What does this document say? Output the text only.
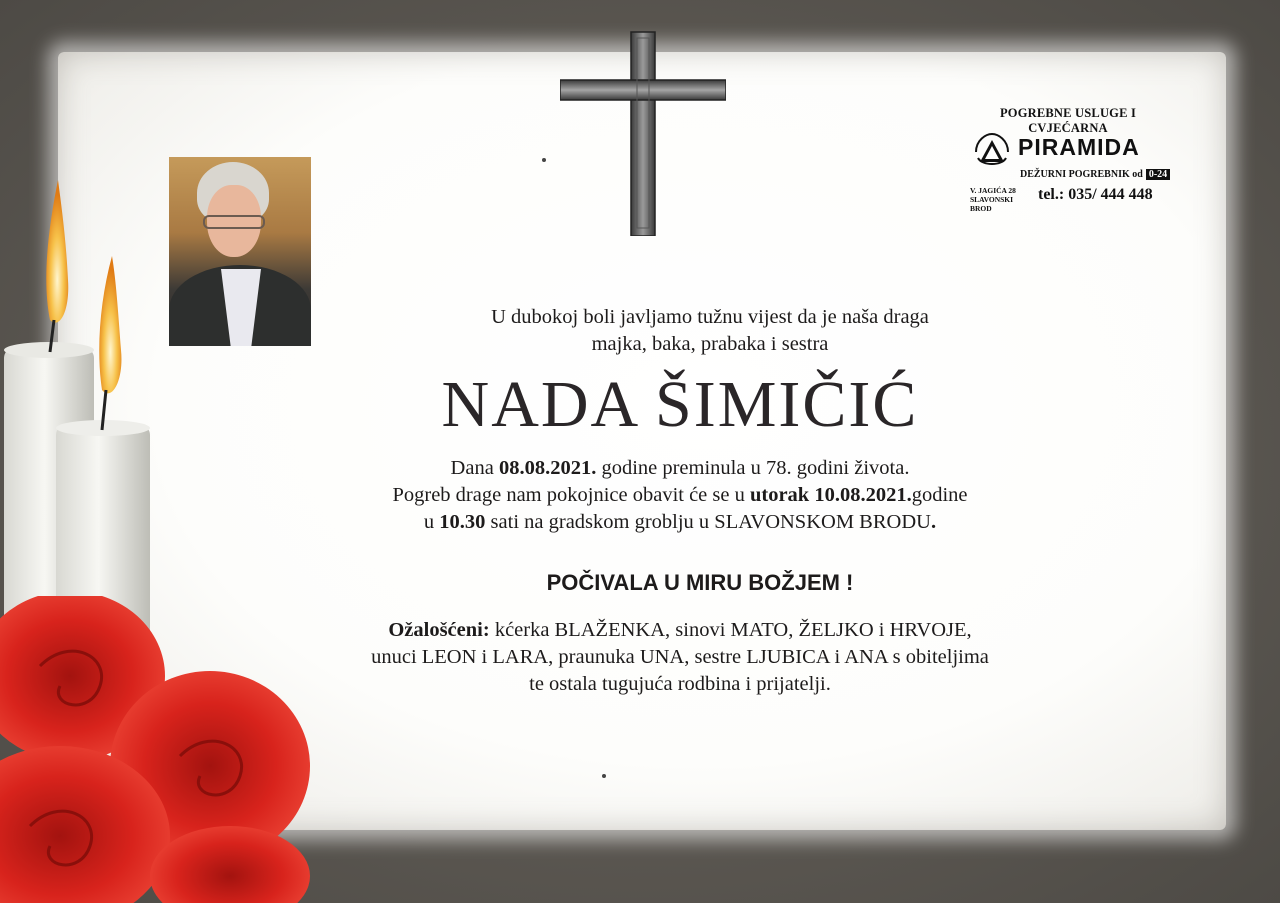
POGREBNE USLUGE I CVJEĆARNA
PIRAMIDA
DEŽURNI POGREBNIK od 0-24
V. JAGIĆA 28
SLAVONSKI BROD
tel.: 035/ 444 448
U dubokoj boli javljamo tužnu vijest da je naša draga
majka, baka, prabaka i sestra
NADA ŠIMIČIĆ
Dana 08.08.2021. godine preminula u 78. godini života.
Pogreb drage nam pokojnice obavit će se u utorak 10.08.2021.godine
u 10.30 sati na gradskom groblju u SLAVONSKOM BRODU.
POČIVALA U MIRU BOŽJEM !
Ožalošćeni: kćerka BLAŽENKA, sinovi MATO, ŽELJKO i HRVOJE,
unuci LEON i LARA, praunuka UNA, sestre LJUBICA i ANA s obiteljima
te ostala tugujuća rodbina i prijatelji.
